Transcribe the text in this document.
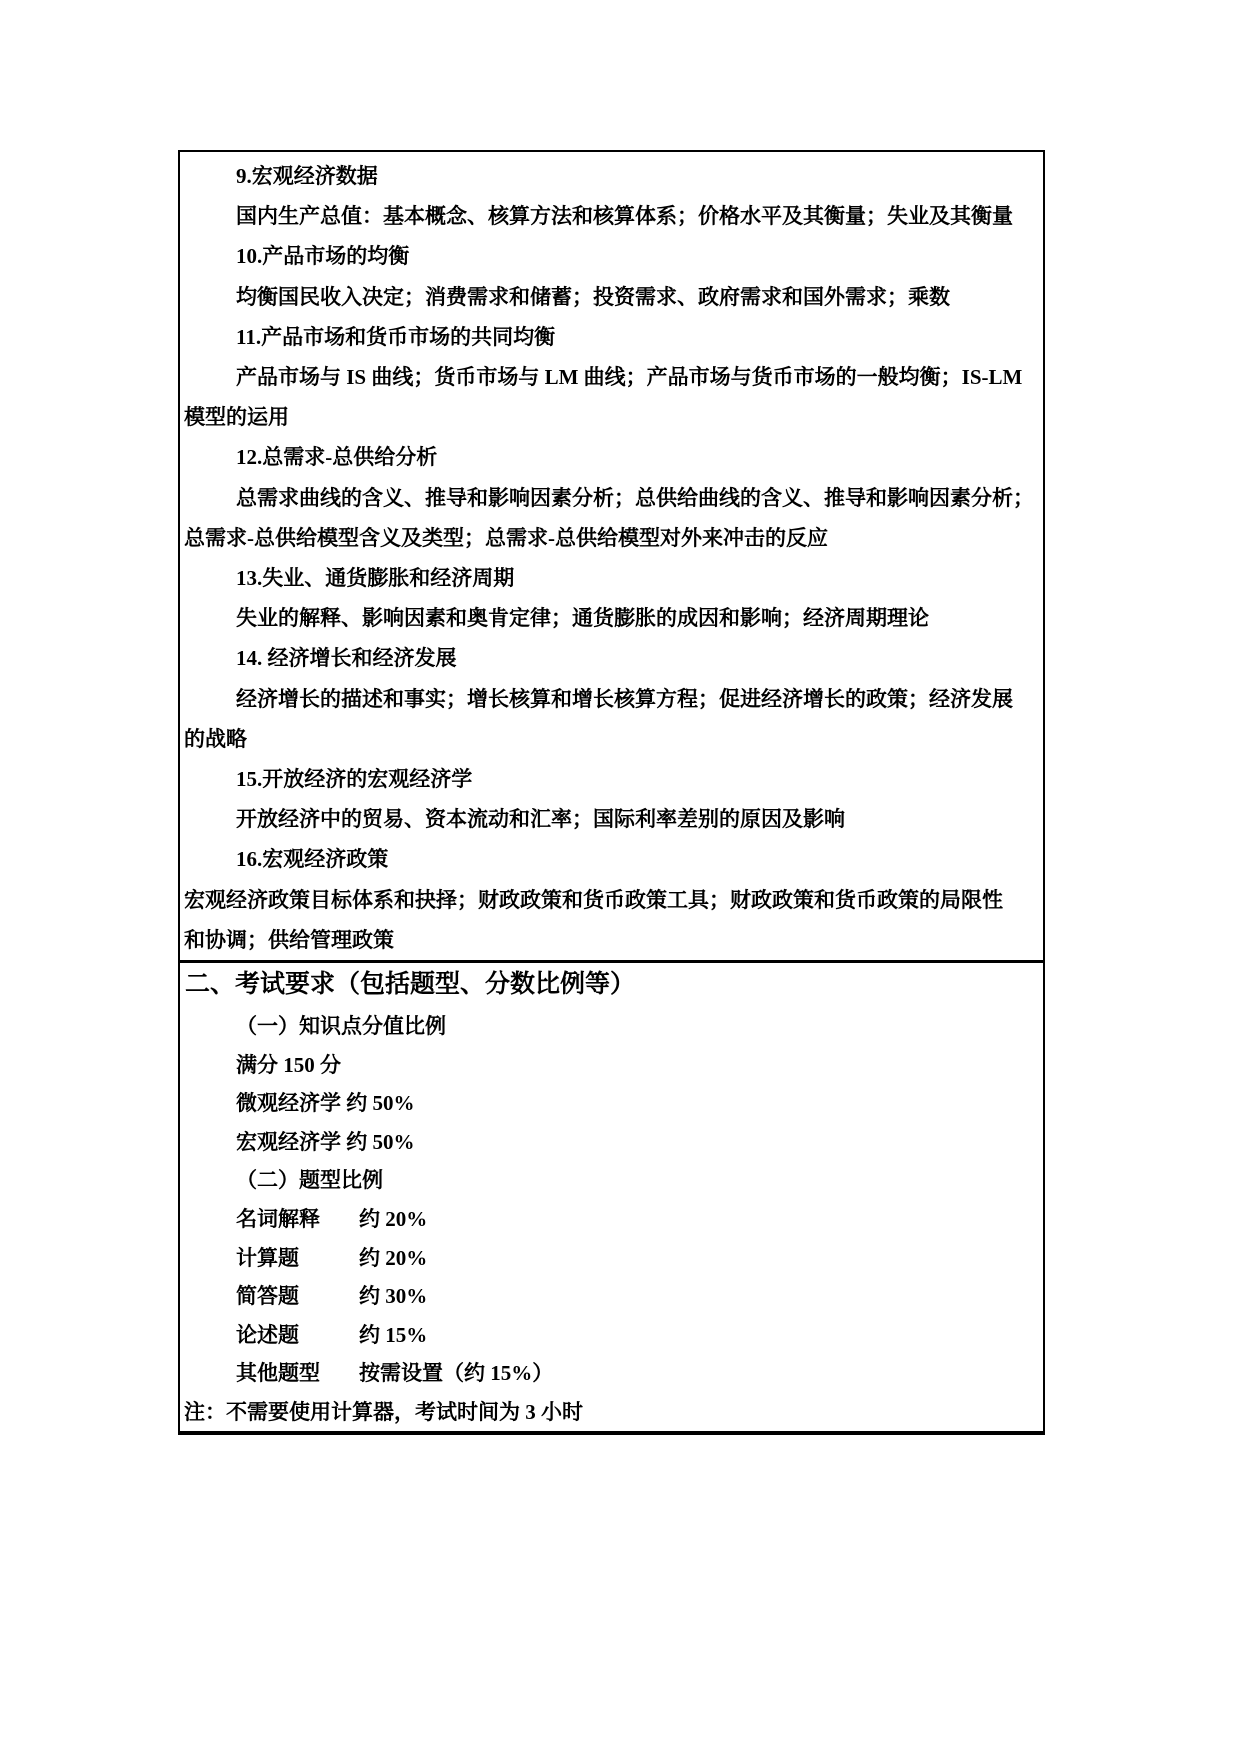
9.宏观经济数据
国内生产总值：基本概念、核算方法和核算体系；价格水平及其衡量；失业及其衡量
10.产品市场的均衡
均衡国民收入决定；消费需求和储蓄；投资需求、政府需求和国外需求；乘数
11.产品市场和货币市场的共同均衡
产品市场与 IS 曲线；货币市场与 LM 曲线；产品市场与货币市场的一般均衡；IS-LM
模型的运用
12.总需求-总供给分析
总需求曲线的含义、推导和影响因素分析；总供给曲线的含义、推导和影响因素分析；
总需求-总供给模型含义及类型；总需求-总供给模型对外来冲击的反应
13.失业、通货膨胀和经济周期
失业的解释、影响因素和奥肯定律；通货膨胀的成因和影响；经济周期理论
14. 经济增长和经济发展
经济增长的描述和事实；增长核算和增长核算方程；促进经济增长的政策；经济发展
的战略
15.开放经济的宏观经济学
开放经济中的贸易、资本流动和汇率；国际利率差别的原因及影响
16.宏观经济政策
宏观经济政策目标体系和抉择；财政政策和货币政策工具；财政政策和货币政策的局限性
和协调；供给管理政策
二、考试要求（包括题型、分数比例等）
（一）知识点分值比例
满分 150 分
微观经济学 约 50%
宏观经济学 约 50%
（二）题型比例
名词解释 约 20%
计算题	约 20%
简答题	约 30%
论述题	约 15%
其他题型 按需设置（约 15%）
注：不需要使用计算器，考试时间为 3 小时
